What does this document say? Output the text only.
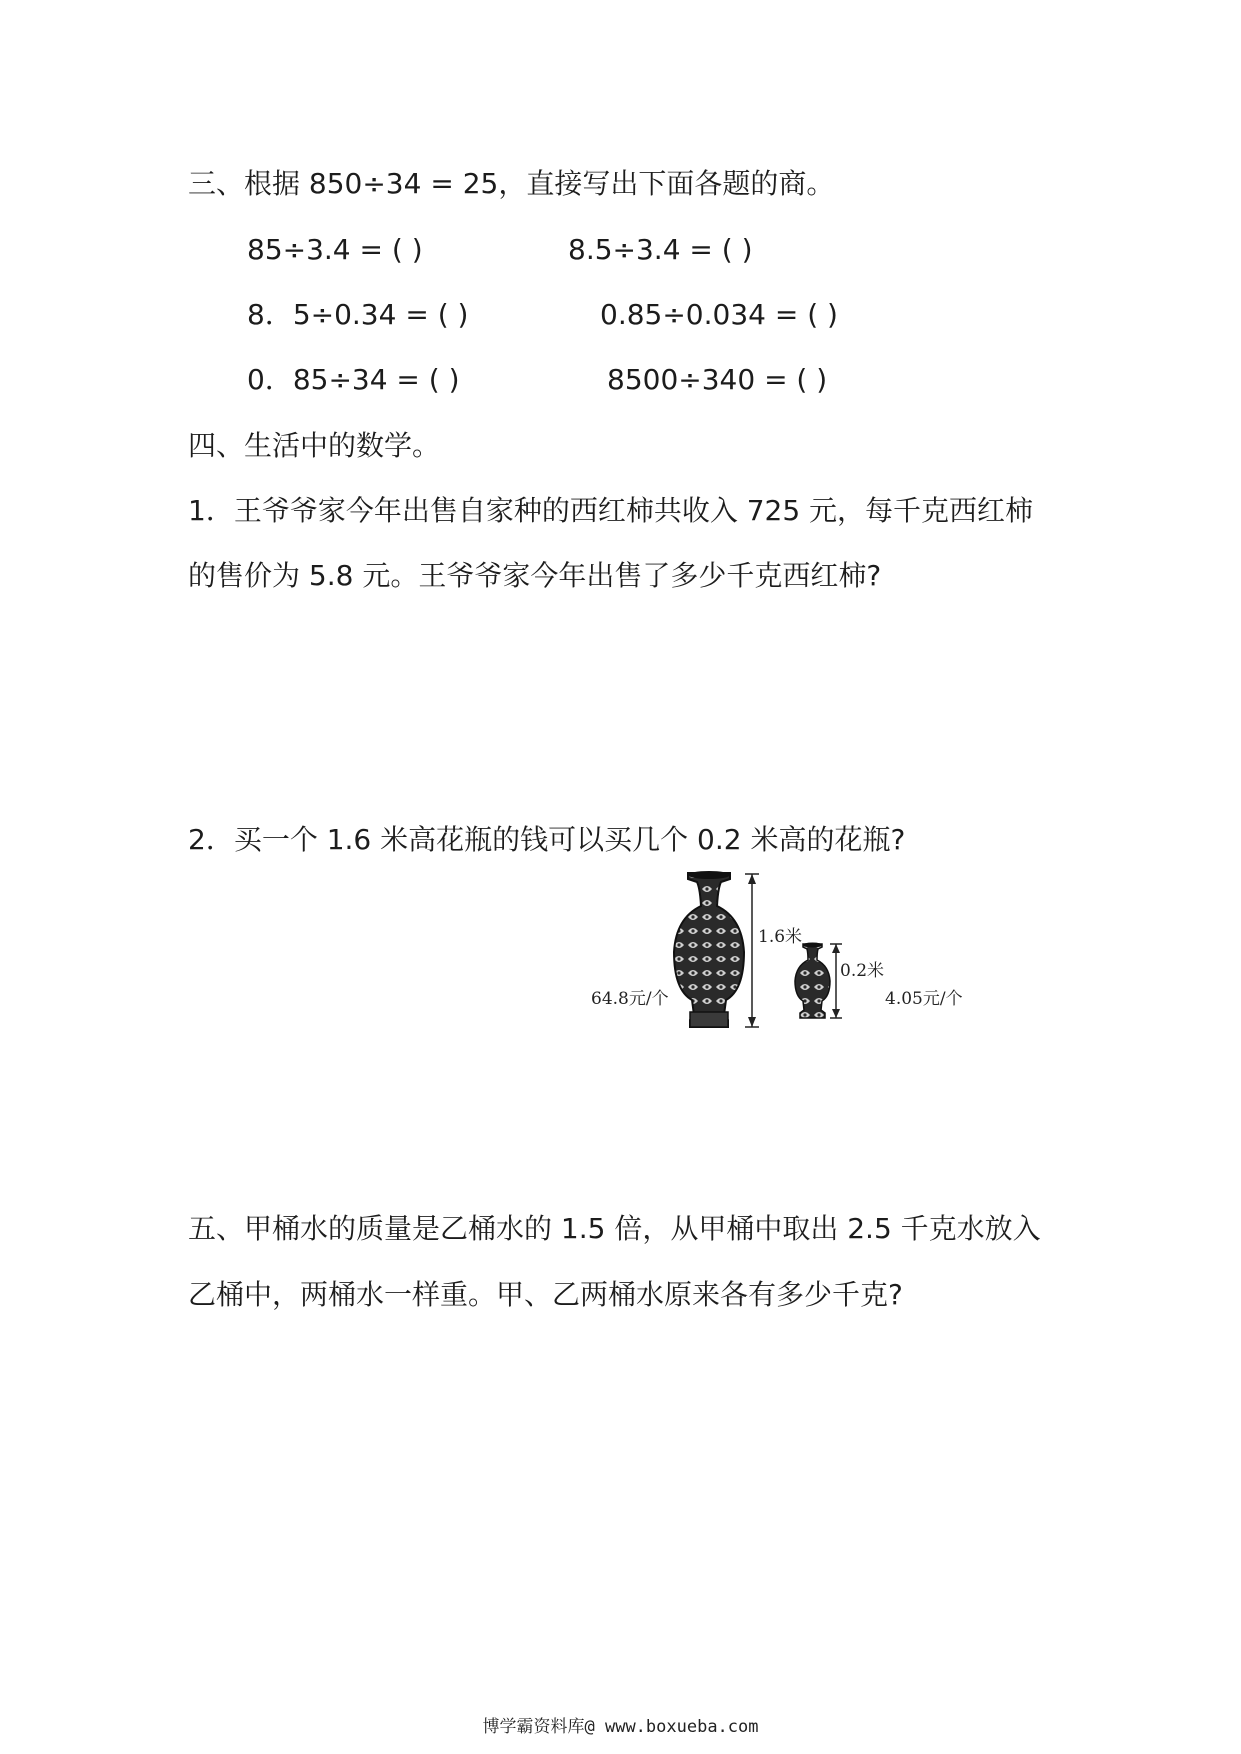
三、根据 850÷34 = 25，直接写出下面各题的商。
85÷3.4 = ( )	8.5÷3.4 = ( )
8．5÷0.34 = ( )	0.85÷0.034 = ( )
0．85÷34 = ( )	8500÷340 = ( )
四、生活中的数学。
1．王爷爷家今年出售自家种的西红柿共收入 725 元，每千克西红柿
的售价为 5.8 元。王爷爷家今年出售了多少千克西红柿?
2．买一个 1.6 米高花瓶的钱可以买几个 0.2 米高的花瓶?
64.8元/个
1.6米
0.2米
4.05元/个
五、甲桶水的质量是乙桶水的 1.5 倍，从甲桶中取出 2.5 千克水放入
乙桶中，两桶水一样重。甲、乙两桶水原来各有多少千克?
博学霸资料库@ www.boxueba.com
